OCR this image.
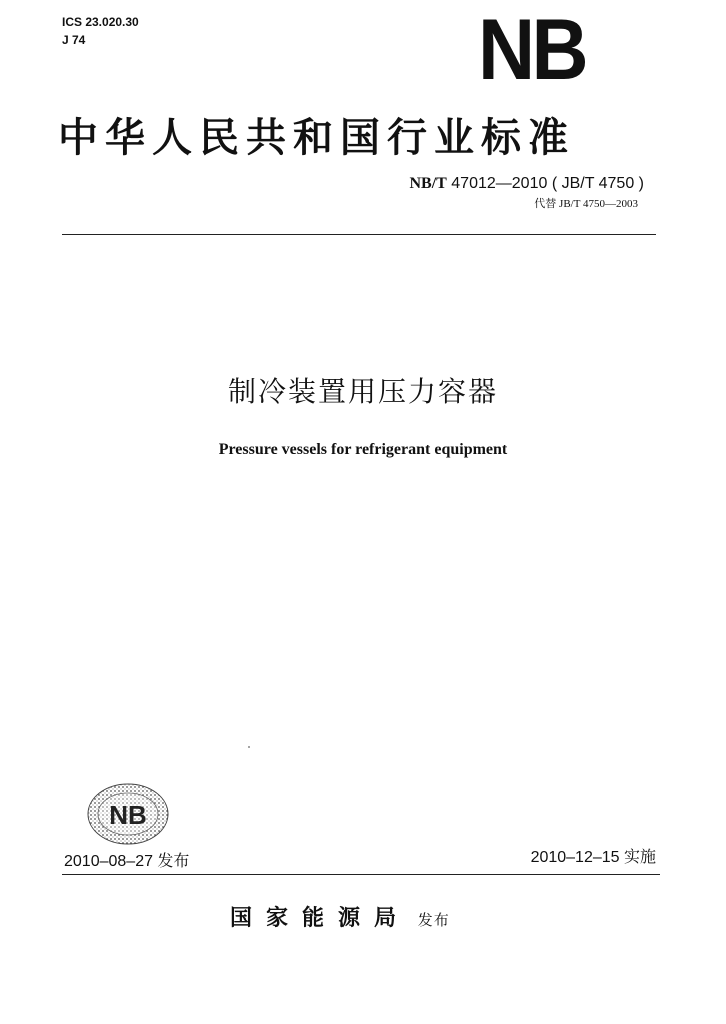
ICS 23.020.30
J 74	NB
中华人民共和国行业标准
NB/T 47012—2010 ( JB/T 4750 )
代替 JB/T 4750—2003
制冷装置用压力容器
Pressure vessels for refrigerant equipment
NB
2010–08–27 发布	2010–12–15 实施
国家能源局 发布
